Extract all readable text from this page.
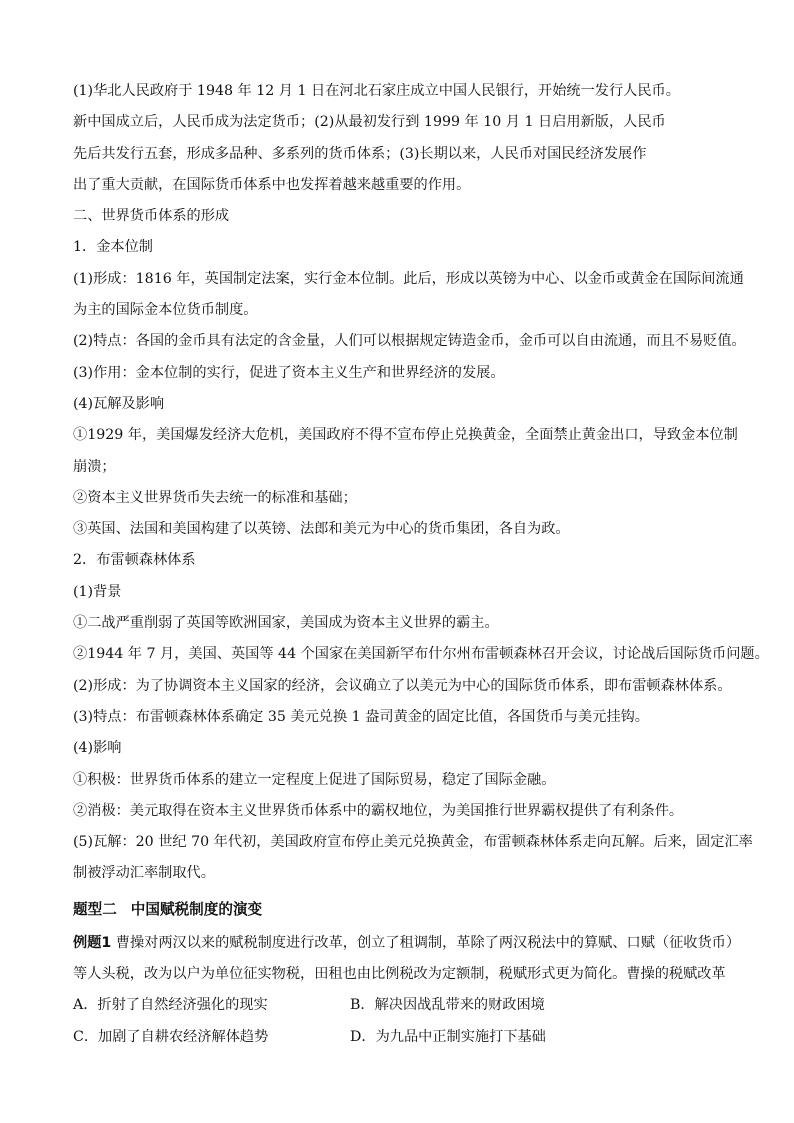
(1)华北人民政府于 1948 年 12 月 1 日在河北石家庄成立中国人民银行，开始统一发行人民币。
新中国成立后，人民币成为法定货币；(2)从最初发行到 1999 年 10 月 1 日启用新版，人民币
先后共发行五套，形成多品种、多系列的货币体系；(3)长期以来，人民币对国民经济发展作
出了重大贡献，在国际货币体系中也发挥着越来越重要的作用。
二、世界货币体系的形成
1．金本位制
(1)形成：1816 年，英国制定法案，实行金本位制。此后，形成以英镑为中心、以金币或黄金在国际间流通
为主的国际金本位货币制度。
(2)特点：各国的金币具有法定的含金量，人们可以根据规定铸造金币，金币可以自由流通，而且不易贬值。
(3)作用：金本位制的实行，促进了资本主义生产和世界经济的发展。
(4)瓦解及影响
①1929 年，美国爆发经济大危机，美国政府不得不宣布停止兑换黄金，全面禁止黄金出口，导致金本位制
崩溃；
②资本主义世界货币失去统一的标准和基础；
③英国、法国和美国构建了以英镑、法郎和美元为中心的货币集团，各自为政。
2．布雷顿森林体系
(1)背景
①二战严重削弱了英国等欧洲国家，美国成为资本主义世界的霸主。
②1944 年 7 月，美国、英国等 44 个国家在美国新罕布什尔州布雷顿森林召开会议，讨论战后国际货币问题。
(2)形成：为了协调资本主义国家的经济，会议确立了以美元为中心的国际货币体系，即布雷顿森林体系。
(3)特点：布雷顿森林体系确定 35 美元兑换 1 盎司黄金的固定比值，各国货币与美元挂钩。
(4)影响
①积极：世界货币体系的建立一定程度上促进了国际贸易，稳定了国际金融。
②消极：美元取得在资本主义世界货币体系中的霸权地位，为美国推行世界霸权提供了有利条件。
(5)瓦解：20 世纪 70 年代初，美国政府宣布停止美元兑换黄金，布雷顿森林体系走向瓦解。后来，固定汇率
制被浮动汇率制取代。
题型二 中国赋税制度的演变
例题1 曹操对两汉以来的赋税制度进行改革，创立了租调制，革除了两汉税法中的算赋、口赋（征收货币）
等人头税，改为以户为单位征实物税，田租也由比例税改为定额制，税赋形式更为简化。曹操的税赋改革
A．折射了自然经济强化的现实	B．解决因战乱带来的财政困境
C．加剧了自耕农经济解体趋势	D．为九品中正制实施打下基础
